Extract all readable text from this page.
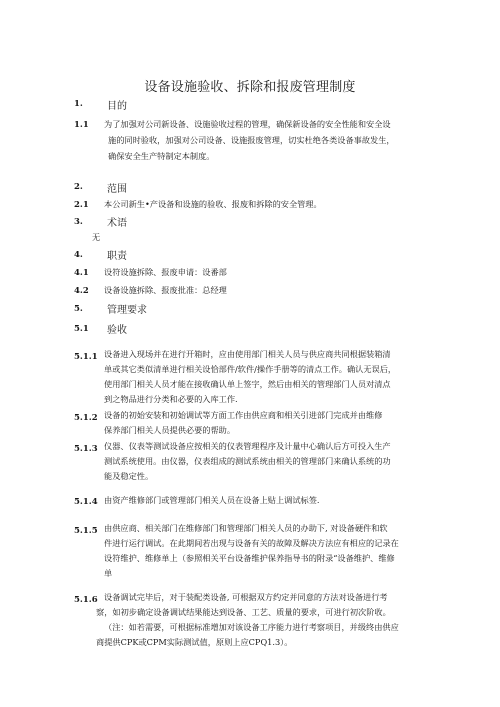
设备设施验收、拆除和报废管理制度
1. 目的
1.1 为了加强对公司新设备、设施验收过程的管理，确保新设备的安全性能和安全设
施的同时验收，加强对公司设备、设施报废管理，切实杜绝各类设备事故发生，
确保安全生产特制定本制度。
2. 范围
2.1 本公司新生•产设备和设施的验收、报废和拆除的安全管理。
3. 术语
无
4. 职责
4.1 设符设施拆除、报废申请：设番部
4.2 设备设施拆除、报废批准：总经理
5. 管理要求
5.1 验收
5.1.1 设备进入现场并在进行开箱时，应由使用部门相关人员与供应商共同根据装箱清
单或其它类似清单进行相关设恰部件/软件/操作手册等的清点工作。确认无误后，
使用部门相关人员才能在接收确认单上签字，然后由相关的管理部门人员对清点
到之物品进行分类和必要的入库工作.
5.1.2 设备的初始安装和初始调试等方面工作由供应商和相关引进部门完成并由维修
保养部门相关人员提供必要的帮助。
5.1.3 仪器、仪表等测试设备应按相关的仪表管理程序及计量中心确认后方可投入生产
测试系统使用。由仪器，仪表组成的测试系统由相关的管理部门来确认系统的功
能及稳定性。
5.1.4 由资产维修部门或管理部门相关人员在设备上贴上调试标签.
5.1.5 由供应商、相关部门在维修部门和管理部门相关人员的办助下, 对设备硬件和软
件进行运行调试。在此期间若出现与设备有关的故障及解决方法应有相应的记录在
设符维护、维修单上（参照相关平台设备维护保养指导书的附录“设备维护、维修
单
5.1.6 设备调试完毕后，对于装配类设备, 可根据双方约定并同意的方法对设备进行考
察，如初步确定设备调试结果能达到设备、工艺、质量的要求，可进行初次阶收。
（注：如若需要，可根据标准增加对该设备工序能力进行考察项目，并级终由供应
商提供CPK或CPM实际测试值，原则上应CPQ1.3）。
